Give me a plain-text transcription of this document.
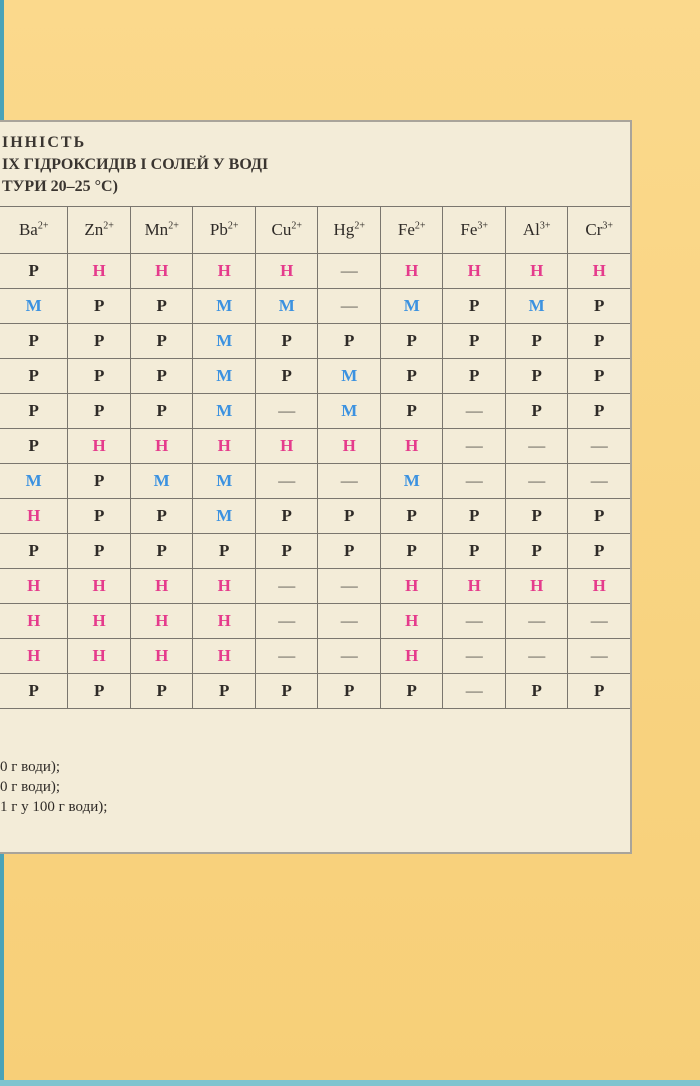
ІННІСТЬ
ІХ ГІДРОКСИДІВ І СОЛЕЙ У ВОДІ
ТУРИ 20–25 °С)
$Ba^{2+}$	$Zn^{2+}$	$Mn^{2+}$	$Pb^{2+}$	$Cu^{2+}$	$Hg^{2+}$	$Fe^{2+}$	$Fe^{3+}$	$Al^{3+}$	$Cr^{3+}$
Р	Н	Н	Н	Н	—	Н	Н	Н	Н
М	Р	Р	М	М	—	М	Р	М	Р
Р	Р	Р	М	Р	Р	Р	Р	Р	Р
Р	Р	Р	М	Р	М	Р	Р	Р	Р
Р	Р	Р	М	—	М	Р	—	Р	Р
Р	Н	Н	Н	Н	Н	Н	—	—	—
М	Р	М	М	—	—	М	—	—	—
Н	Р	Р	М	Р	Р	Р	Р	Р	Р
Р	Р	Р	Р	Р	Р	Р	Р	Р	Р
Н	Н	Н	Н	—	—	Н	Н	Н	Н
Н	Н	Н	Н	—	—	Н	—	—	—
Н	Н	Н	Н	—	—	Н	—	—	—
Р	Р	Р	Р	Р	Р	Р	—	Р	Р
0 г води);
0 г води);
1 г у 100 г води);
